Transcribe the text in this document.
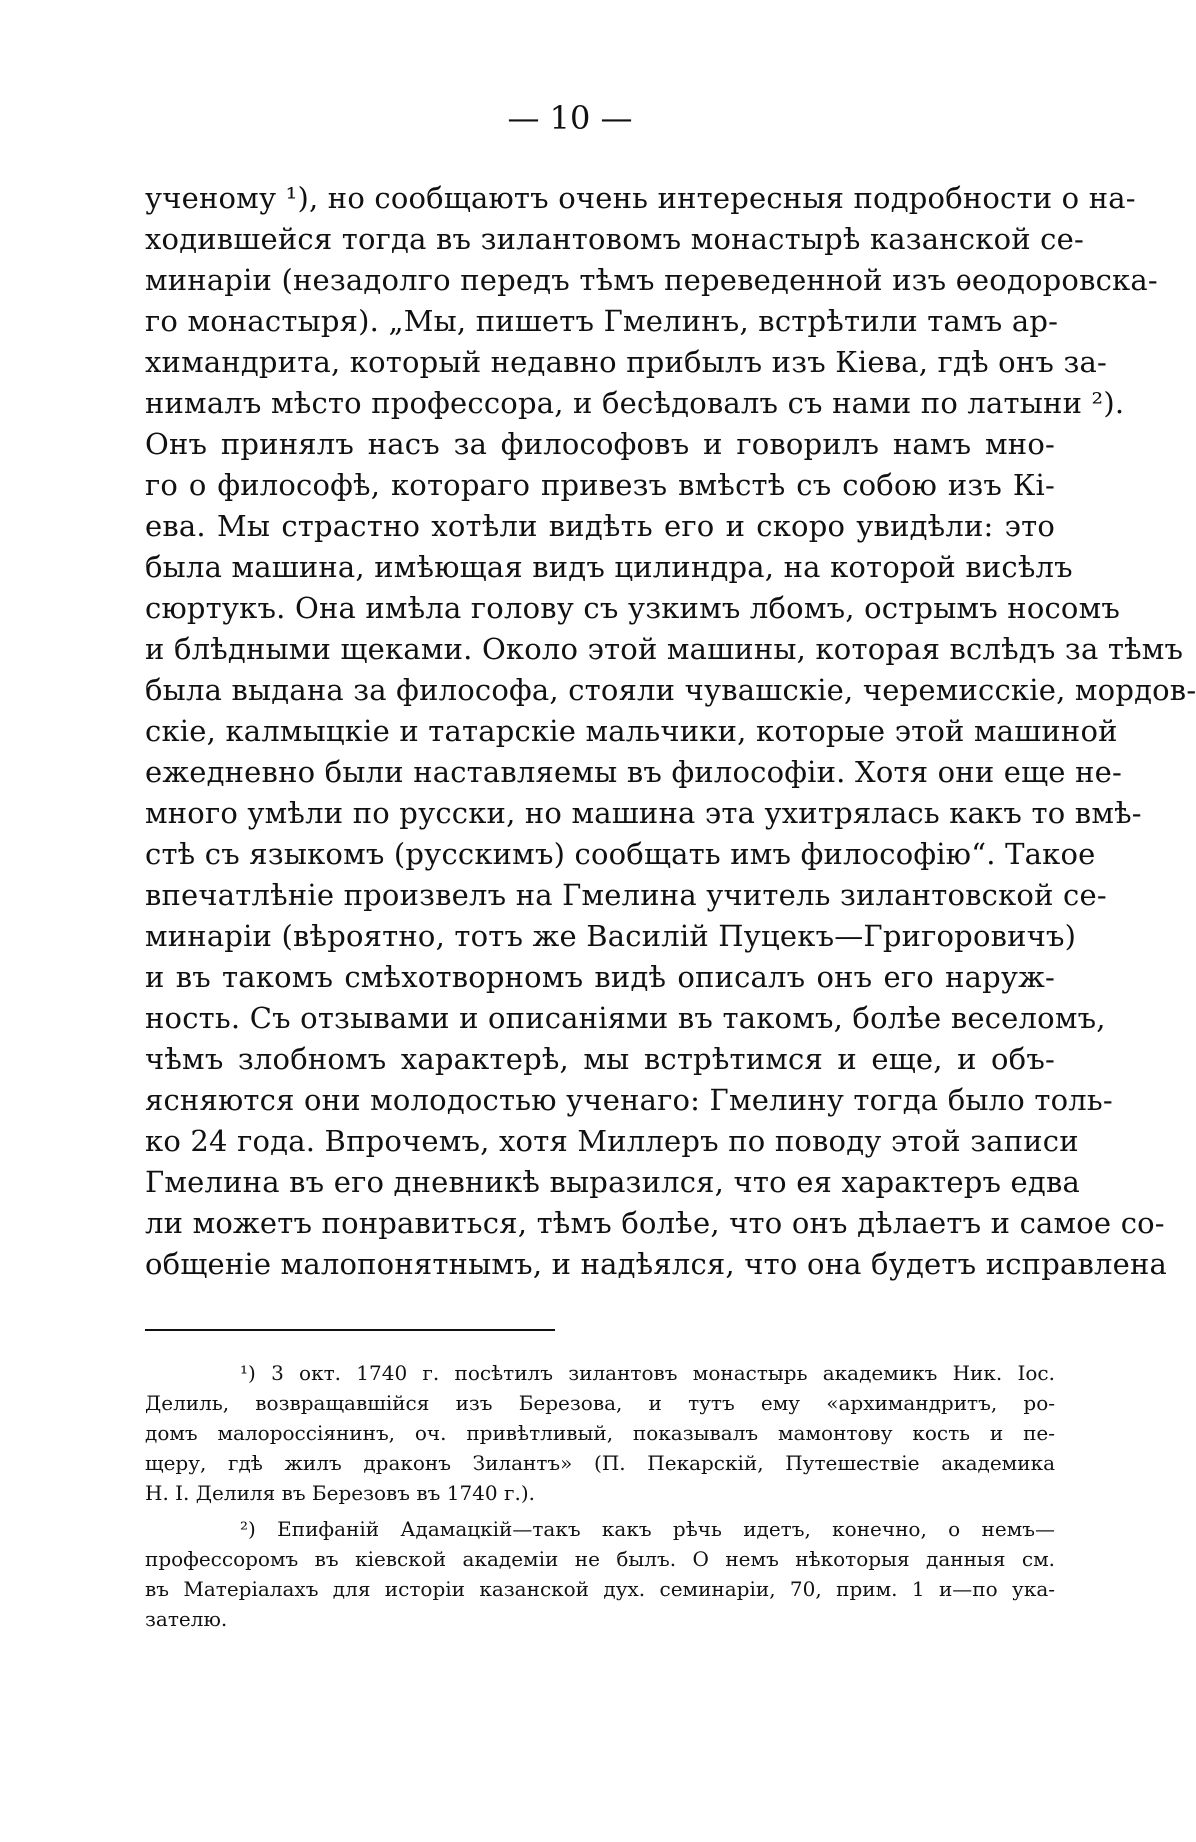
— 10 —
ученому ¹), но сообщаютъ очень интересныя подробности о на-
ходившейся тогда въ зилантовомъ монастырѣ казанской се-
минаріи (незадолго передъ тѣмъ переведенной изъ ѳеодоровска-
го монастыря). „Мы, пишетъ Гмелинъ, встрѣтили тамъ ар-
химандрита, который недавно прибылъ изъ Кіева, гдѣ онъ за-
нималъ мѣсто профессора, и бесѣдовалъ съ нами по латыни ²).
Онъ принялъ насъ за философовъ и говорилъ намъ мно-
го о философѣ, котораго привезъ вмѣстѣ съ собою изъ Кі-
ева. Мы страстно хотѣли видѣть его и скоро увидѣли: это
была машина, имѣющая видъ цилиндра, на которой висѣлъ
сюртукъ. Она имѣла голову съ узкимъ лбомъ, острымъ носомъ
и блѣдными щеками. Около этой машины, которая вслѣдъ за тѣмъ
была выдана за философа, стояли чувашскіе, черемисскіе, мордов-
скіе, калмыцкіе и татарскіе мальчики, которые этой машиной
ежедневно были наставляемы въ философіи. Хотя они еще не-
много умѣли по русски, но машина эта ухитрялась какъ то вмѣ-
стѣ съ языкомъ (русскимъ) сообщать имъ философію“. Такое
впечатлѣніе произвелъ на Гмелина учитель зилантовской се-
минаріи (вѣроятно, тотъ же Василій Пуцекъ—Григоровичъ)
и въ такомъ смѣхотворномъ видѣ описалъ онъ его наруж-
ность. Съ отзывами и описаніями въ такомъ, болѣе веселомъ,
чѣмъ злобномъ характерѣ, мы встрѣтимся и еще, и объ-
ясняются они молодостью ученаго: Гмелину тогда было толь-
ко 24 года. Впрочемъ, хотя Миллеръ по поводу этой записи
Гмелина въ его дневникѣ выразился, что ея характеръ едва
ли можетъ понравиться, тѣмъ болѣе, что онъ дѣлаетъ и самое со-
общеніе малопонятнымъ, и надѣялся, что она будетъ исправлена
¹) 3 окт. 1740 г. посѣтилъ зилантовъ монастырь академикъ Ник. Іос.
Делиль, возвращавшійся изъ Березова, и тутъ ему «архимандритъ, ро-
домъ малороссіянинъ, оч. привѣтливый, показывалъ мамонтову кость и пе-
щеру, гдѣ жилъ драконъ Зилантъ» (П. Пекарскій, Путешествіе академика
Н. І. Делиля въ Березовъ въ 1740 г.).
²) Епифаній Адамацкій—такъ какъ рѣчь идетъ, конечно, о немъ—
профессоромъ въ кіевской академіи не былъ. О немъ нѣкоторыя данныя см.
въ Матеріалахъ для исторіи казанской дух. семинаріи, 70, прим. 1 и—по ука-
зателю.
